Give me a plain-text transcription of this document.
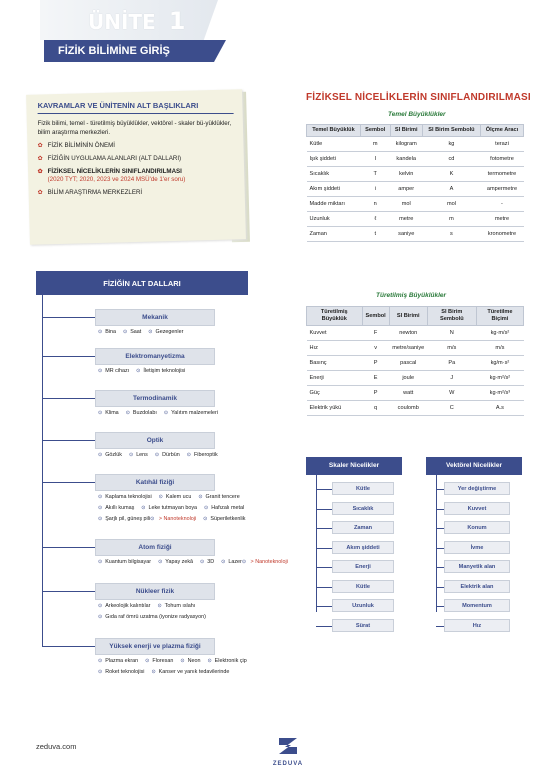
ÜNİTE 1
FİZİK BİLİMİNE GİRİŞ
KAVRAMLAR VE ÜNİTENİN ALT BAŞLIKLARI

Fizik bilimi, temel - türetilmiş büyüklükler, vektörel - skaler bü-yüklükler, bilim araştırma merkezleri.

✿ FİZİK BİLİMİNİN ÖNEMİ
✿ FİZİĞİN UYGULAMA ALANLARI (ALT DALLARI)
✿ FİZİKSEL NİCELİKLERİN SINIFLANDIRILMASI
(2020 TYT; 2020, 2023 ve 2024 MSÜ'de 1'er soru)
✿ BİLİM ARAŞTIRMA MERKEZLERİ
FİZİKSEL NİCELİKLERİN SINIFLANDIRILMASI
Temel Büyüklükler
Temel Büyüklük	Sembol	SI Birimi	SI Birim Sembolü	Ölçme Aracı
Kütle	m	kilogram	kg	terazi
Işık şiddeti	I	kandela	cd	fotometre
Sıcaklık	T	kelvin	K	termometre
Akım şiddeti	i	amper	A	ampermetre
Madde miktarı	n	mol	mol	-
Uzunluk	ℓ	metre	m	metre
Zaman	t	saniye	s	kronometre
Türetilmiş Büyüklükler
Türetilmiş Büyüklük	Sembol	SI Birimi	SI Birim Sembolü	Türetilme Biçimi
Kuvvet	F	newton	N	kg·m/s²
Hız	v	metre/saniye	m/s	m/s
Basınç	P	pascal	Pa	kg/m·s²
Enerji	E	joule	J	kg·m²/s²
Güç	P	watt	W	kg·m²/s³
Elektrik yükü	q	coulomb	C	A.s
FİZİĞİN ALT DALLARI
Mekanik
⊙ Bina	⊙ Saat	⊙ Gezegenler
Elektromanyetizma
⊙ MR cihazı	⊙ İletişim teknolojisi
Termodinamik
⊙ Klima	⊙ Buzdolabı	⊙ Yalıtım malzemeleri
Optik
⊙ Gözlük	⊙ Lens	⊙ Dürbün	⊙ Fiberoptik
Katıhâl fiziği
⊙ Kaplama teknolojisi	⊙ Kalem ucu	⊙ Granit tencere
⊙ Akıllı kumaş	⊙ Leke tutmayan boya	⊙ Hafızalı metal
⊙ Şarjlı pil, güneş pili⊙ > Nanoteknoloji	⊙ Süperiletkenlik
Atom fiziği
⊙ Kuantum bilgisayar	⊙ Yapay zekâ	⊙ 3D	⊙ Lazer⊙ > Nanoteknoloji
Nükleer fizik
⊙ Arkeolojik kalıntılar	⊙ Tohum ıslahı
⊙ Gıda raf ömrü uzatma (iyonize radyasyon)
Yüksek enerji ve plazma fiziği
⊙ Plazma ekran	⊙ Floresan	⊙ Neon	⊙ Elektronik çip
⊙ Roket teknolojisi	⊙ Kanser ve yanık tedavilerinde
Skaler Nicelikler
Kütle
Sıcaklık
Zaman
Akım şiddeti
Enerji
Kütle
Uzunluk
Sürat
Vektörel Nicelikler
Yer değiştirme
Kuvvet
Konum
İvme
Manyetik alan
Elektrik alan
Momentum
Hız
zeduva.com
ZEDUVA
